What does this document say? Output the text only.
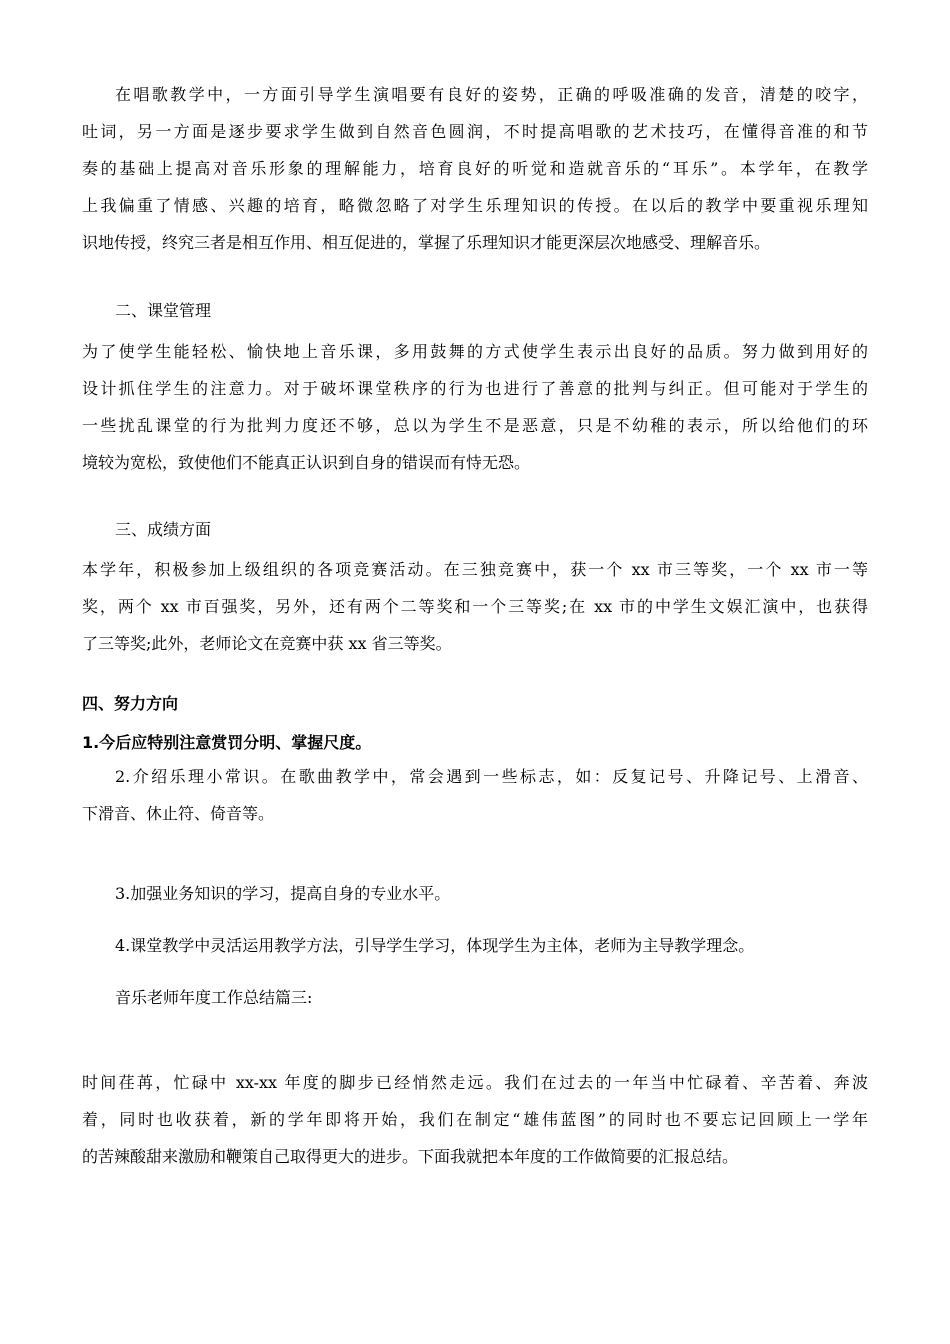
在唱歌教学中，一方面引导学生演唱要有良好的姿势，正确的呼吸准确的发音，清楚的咬字，
吐词，另一方面是逐步要求学生做到自然音色圆润，不时提高唱歌的艺术技巧，在懂得音准的和节
奏的基础上提高对音乐形象的理解能力，培育良好的听觉和造就音乐的“耳乐”。本学年，在教学
上我偏重了情感、兴趣的培育，略微忽略了对学生乐理知识的传授。在以后的教学中要重视乐理知
识地传授，终究三者是相互作用、相互促进的，掌握了乐理知识才能更深层次地感受、理解音乐。
二、课堂管理
为了使学生能轻松、愉快地上音乐课，多用鼓舞的方式使学生表示出良好的品质。努力做到用好的
设计抓住学生的注意力。对于破坏课堂秩序的行为也进行了善意的批判与纠正。但可能对于学生的
一些扰乱课堂的行为批判力度还不够，总以为学生不是恶意，只是不幼稚的表示，所以给他们的环
境较为宽松，致使他们不能真正认识到自身的错误而有恃无恐。
三、成绩方面
本学年，积极参加上级组织的各项竞赛活动。在三独竞赛中，获一个 xx 市三等奖，一个 xx 市一等
奖，两个 xx 市百强奖，另外，还有两个二等奖和一个三等奖;在 xx 市的中学生文娱汇演中，也获得
了三等奖;此外，老师论文在竞赛中获 xx 省三等奖。
四、努力方向
1.今后应特别注意赏罚分明、掌握尺度。
2.介绍乐理小常识。在歌曲教学中，常会遇到一些标志，如：反复记号、升降记号、上滑音、
下滑音、休止符、倚音等。
3.加强业务知识的学习，提高自身的专业水平。
4.课堂教学中灵活运用教学方法，引导学生学习，体现学生为主体，老师为主导教学理念。
音乐老师年度工作总结篇三:
时间荏苒，忙碌中 xx-xx 年度的脚步已经悄然走远。我们在过去的一年当中忙碌着、辛苦着、奔波
着，同时也收获着，新的学年即将开始，我们在制定“雄伟蓝图”的同时也不要忘记回顾上一学年
的苦辣酸甜来激励和鞭策自己取得更大的进步。下面我就把本年度的工作做简要的汇报总结。
